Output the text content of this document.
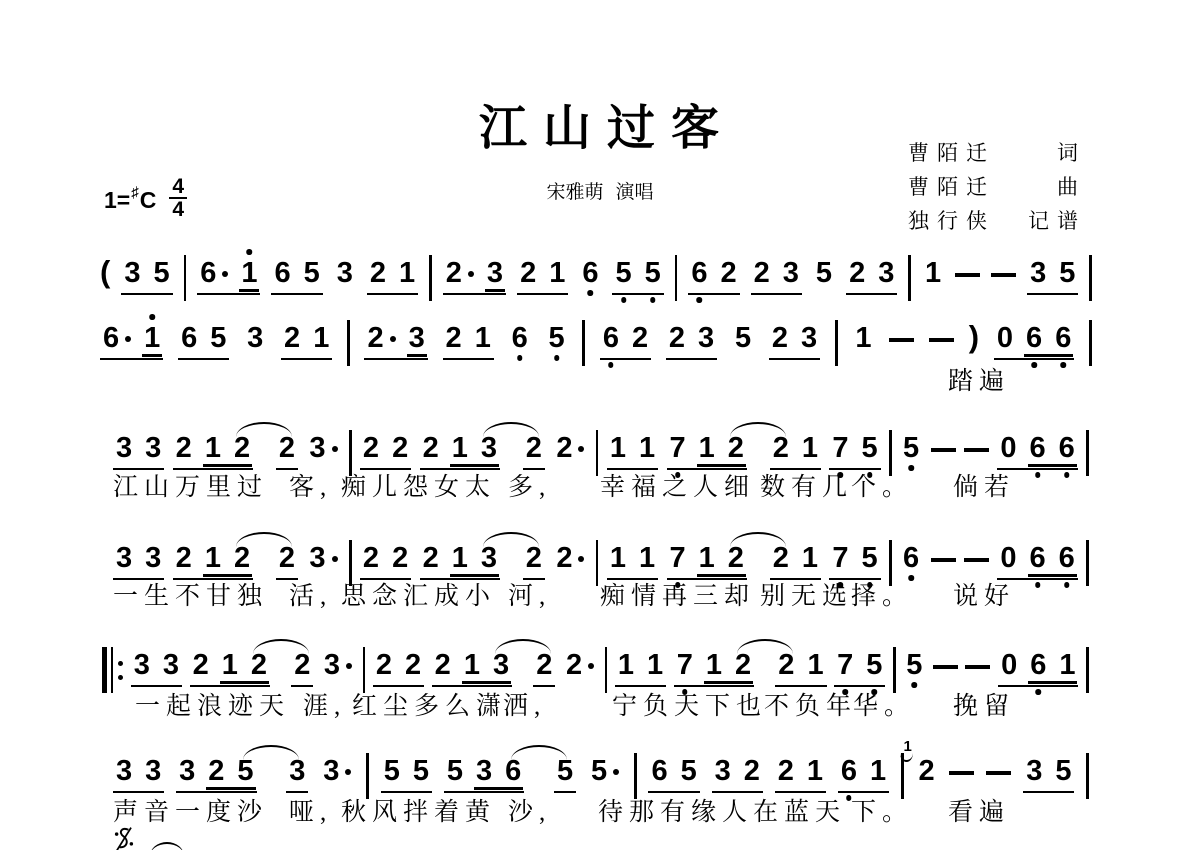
江 山 过 客
宋雅萌 演唱
1= ♯ C $\frac{4}{4}$
曹陌迁	词
曹陌迁	曲
独行侠 记谱
( 3 5 6 1 6 5 3 2 1 2 3 2 1 6 5 5 6 2 2 3 5 2 3 1	3 5
6 1 6 5 3 2 1 2 3 2 1 6 5 6 2 2 3 5 2 3 1	) 0 6 6
踏遍
3 3 2 1 2 2 3 2 2 2 1 3 2 2 1 1 7 1 2 2 1 7 5 5	0 6 6
江山万里过 客, 痴儿怨女太 多, 幸福之人细 数有几
个。 倘若
3 3 2 1 2 2 3 2 2 2 1 3 2 2 1 1 7 1 2 2 1 7 5 6	0 6 6
一生不甘独 活, 思念汇成小 河, 痴情再三却 别无选
择。 说好
3 3 2 1 2 2 3 2 2 2 1 3 2 2 1 1 7 1 2 2 1 7 5 5	0 6 1
一起浪迹天 涯, 红尘多么潇
洒,	宁负天下也
不负年
华。 挽留
3 3 3 2 5 3 3 5 5 5 3 6 5 5 6 5 3 2 2 1 6 1
1
2	3 5
声音一度沙 哑, 秋风拌着黄 沙, 待那有缘人在蓝天 下。 看遍
